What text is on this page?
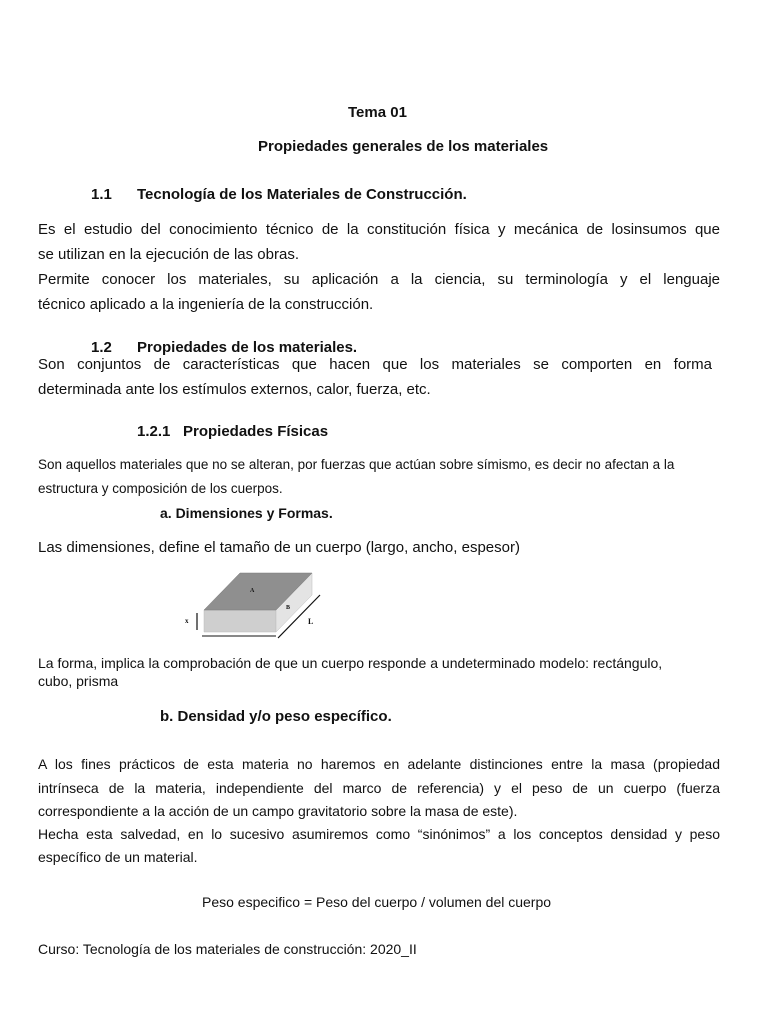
Tema 01
Propiedades generales de los materiales
1.1 Tecnología de los Materiales de Construcción.
Es el estudio del conocimiento técnico de la constitución física y mecánica de losinsumos que
se utilizan en la ejecución de las obras.
Permite conocer los materiales, su aplicación a la ciencia, su terminología y el lenguaje
técnico aplicado a la ingeniería de la construcción.
1.2 Propiedades de los materiales.
Son conjuntos de características que hacen que los materiales se comporten en forma
determinada ante los estímulos externos, calor, fuerza, etc.
1.2.1 Propiedades Físicas
Son aquellos materiales que no se alteran, por fuerzas que actúan sobre símismo, es decir no afectan a la
estructura y composición de los cuerpos.
a. Dimensiones y Formas.
Las dimensiones, define el tamaño de un cuerpo (largo, ancho, espesor)
A
B
x	L
La forma, implica la comprobación de que un cuerpo responde a undeterminado modelo: rectángulo,
cubo, prisma
b. Densidad y/o peso específico.
A los fines prácticos de esta materia no haremos en adelante distinciones entre la masa (propiedad
intrínseca de la materia, independiente del marco de referencia) y el peso de un cuerpo (fuerza
correspondiente a la acción de un campo gravitatorio sobre la masa de este).
Hecha esta salvedad, en lo sucesivo asumiremos como “sinónimos” a los conceptos densidad y peso
específico de un material.
Peso especifico = Peso del cuerpo / volumen del cuerpo
Curso: Tecnología de los materiales de construcción: 2020_II
